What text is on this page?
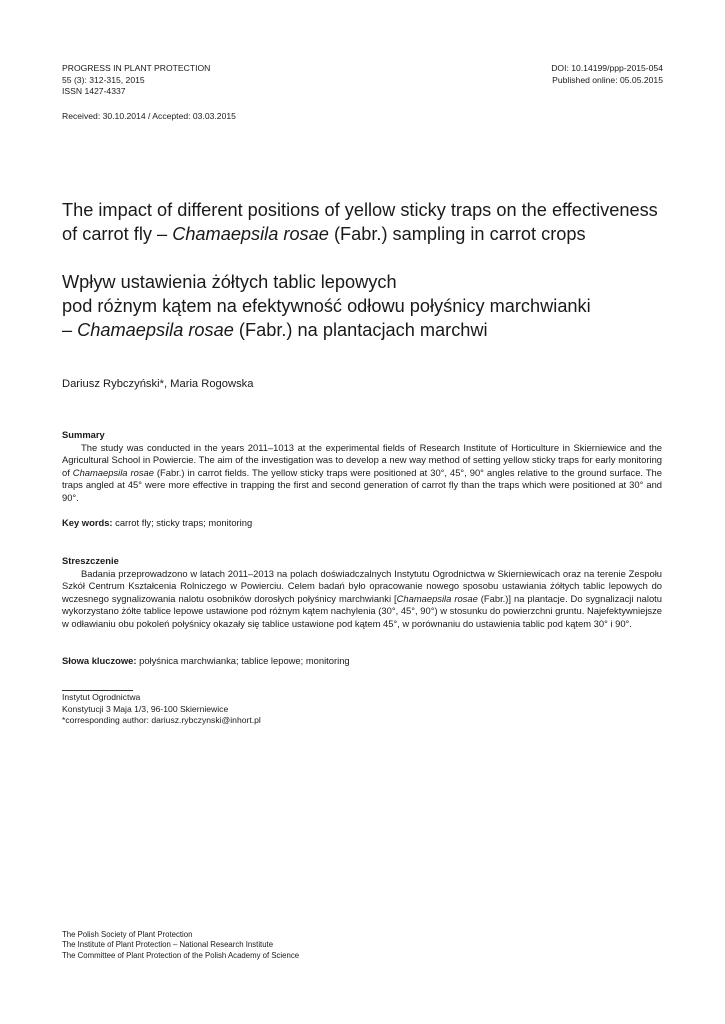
PROGRESS IN PLANT PROTECTION
55 (3): 312-315, 2015
ISSN 1427-4337
DOI: 10.14199/ppp-2015-054
Published online: 05.05.2015
Received: 30.10.2014 / Accepted: 03.03.2015
The impact of different positions of yellow sticky traps on the effectiveness of carrot fly – Chamaepsila rosae (Fabr.) sampling in carrot crops
Wpływ ustawienia żółtych tablic lepowych
pod różnym kątem na efektywność odłowu połyśnicy marchwianki
– Chamaepsila rosae (Fabr.) na plantacjach marchwi
Dariusz Rybczyński*, Maria Rogowska
Summary
The study was conducted in the years 2011–1013 at the experimental fields of Research Institute of Horticulture in Skierniewice and the Agricultural School in Powiercie. The aim of the investigation was to develop a new way method of setting yellow sticky traps for early monitoring of Chamaepsila rosae (Fabr.) in carrot fields. The yellow sticky traps were positioned at 30°, 45°, 90° angles relative to the ground surface. The traps angled at 45° were more effective in trapping the first and second generation of carrot fly than the traps which were positioned at 30° and 90°.
Key words: carrot fly; sticky traps; monitoring
Streszczenie
Badania przeprowadzono w latach 2011–2013 na polach doświadczalnych Instytutu Ogrodnictwa w Skierniewicach oraz na terenie Zespołu Szkół Centrum Kształcenia Rolniczego w Powierciu. Celem badań było opracowanie nowego sposobu ustawiania żółtych tablic lepowych do wczesnego sygnalizowania nalotu osobników dorosłych połyśnicy marchwianki [Chamaepsila rosae (Fabr.)] na plantacje. Do sygnalizacji nalotu wykorzystano żółte tablice lepowe ustawione pod różnym kątem nachylenia (30°, 45°, 90°) w stosunku do powierzchni gruntu. Najefektywniejsze w odławianiu obu pokoleń połyśnicy okazały się tablice ustawione pod kątem 45°, w porównaniu do ustawienia tablic pod kątem 30° i 90°.
Słowa kluczowe: połyśnica marchwianka; tablice lepowe; monitoring
Instytut Ogrodnictwa
Konstytucji 3 Maja 1/3, 96-100 Skierniewice
*corresponding author: dariusz.rybczynski@inhort.pl
The Polish Society of Plant Protection
The Institute of Plant Protection – National Research Institute
The Committee of Plant Protection of the Polish Academy of Science
